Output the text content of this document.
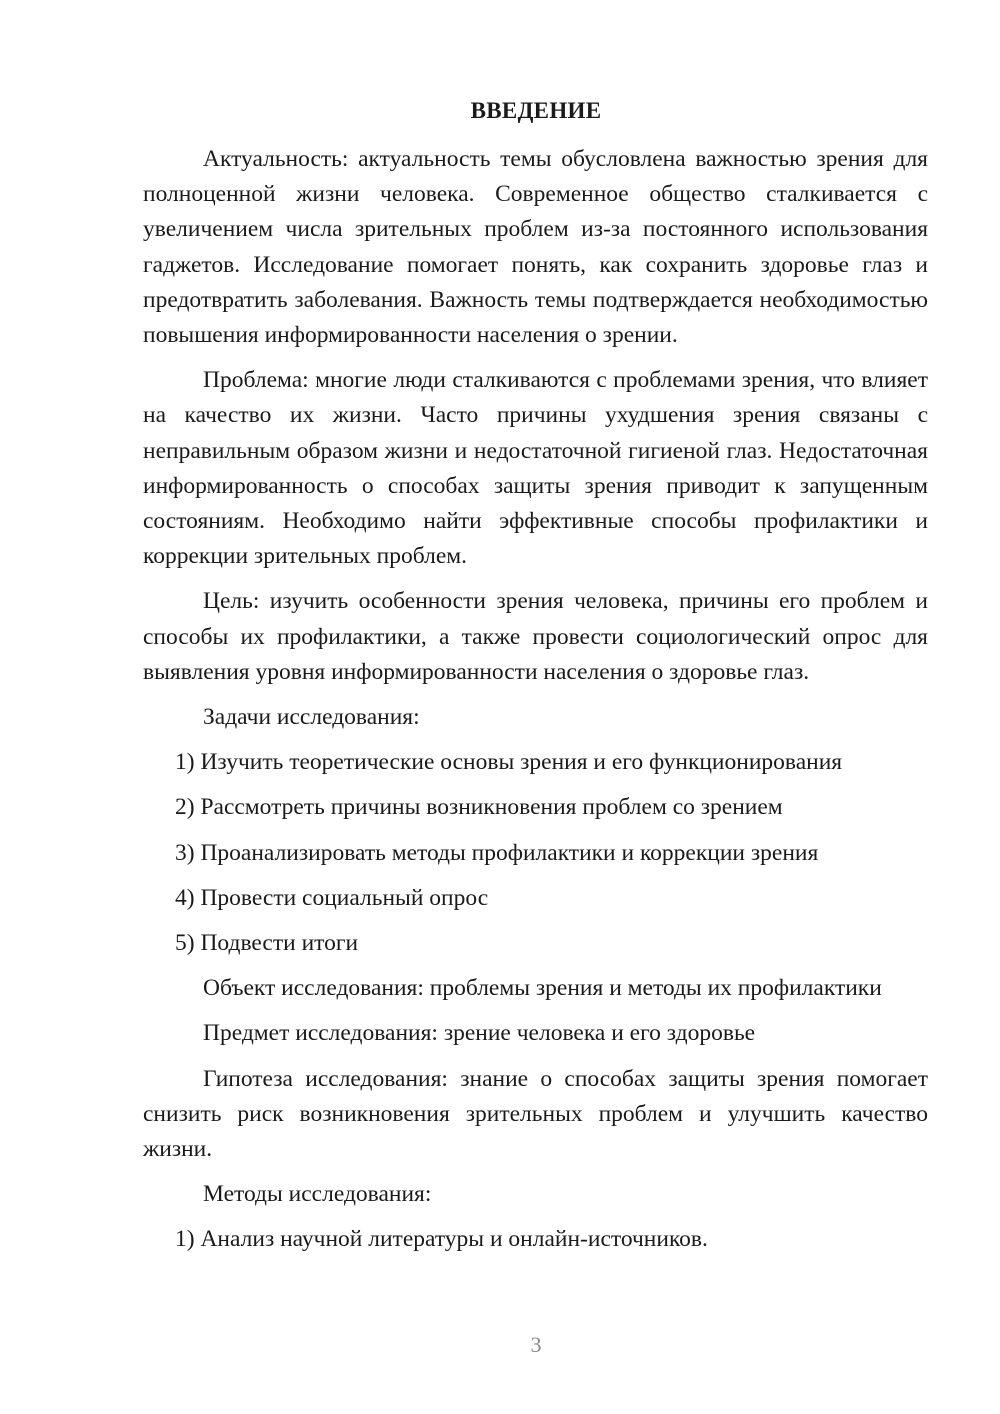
ВВЕДЕНИЕ

Актуальность: актуальность темы обусловлена важностью зрения для полноценной жизни человека. Современное общество сталкивается с увеличением числа зрительных проблем из-за постоянного использования гаджетов. Исследование помогает понять, как сохранить здоровье глаз и предотвратить заболевания. Важность темы подтверждается необходимостью повышения информированности населения о зрении.

Проблема: многие люди сталкиваются с проблемами зрения, что влияет на качество их жизни. Часто причины ухудшения зрения связаны с неправильным образом жизни и недостаточной гигиеной глаз. Недостаточная информированность о способах защиты зрения приводит к запущенным состояниям. Необходимо найти эффективные способы профилактики и коррекции зрительных проблем.

Цель: изучить особенности зрения человека, причины его проблем и способы их профилактики, а также провести социологический опрос для выявления уровня информированности населения о здоровье глаз.

Задачи исследования:
1) Изучить теоретические основы зрения и его функционирования
2) Рассмотреть причины возникновения проблем со зрением
3) Проанализировать методы профилактики и коррекции зрения
4) Провести социальный опрос
5) Подвести итоги
Объект исследования: проблемы зрения и методы их профилактики
Предмет исследования: зрение человека и его здоровье

Гипотеза исследования: знание о способах защиты зрения помогает снизить риск возникновения зрительных проблем и улучшить качество жизни.

Методы исследования:
1) Анализ научной литературы и онлайн-источников.
3
